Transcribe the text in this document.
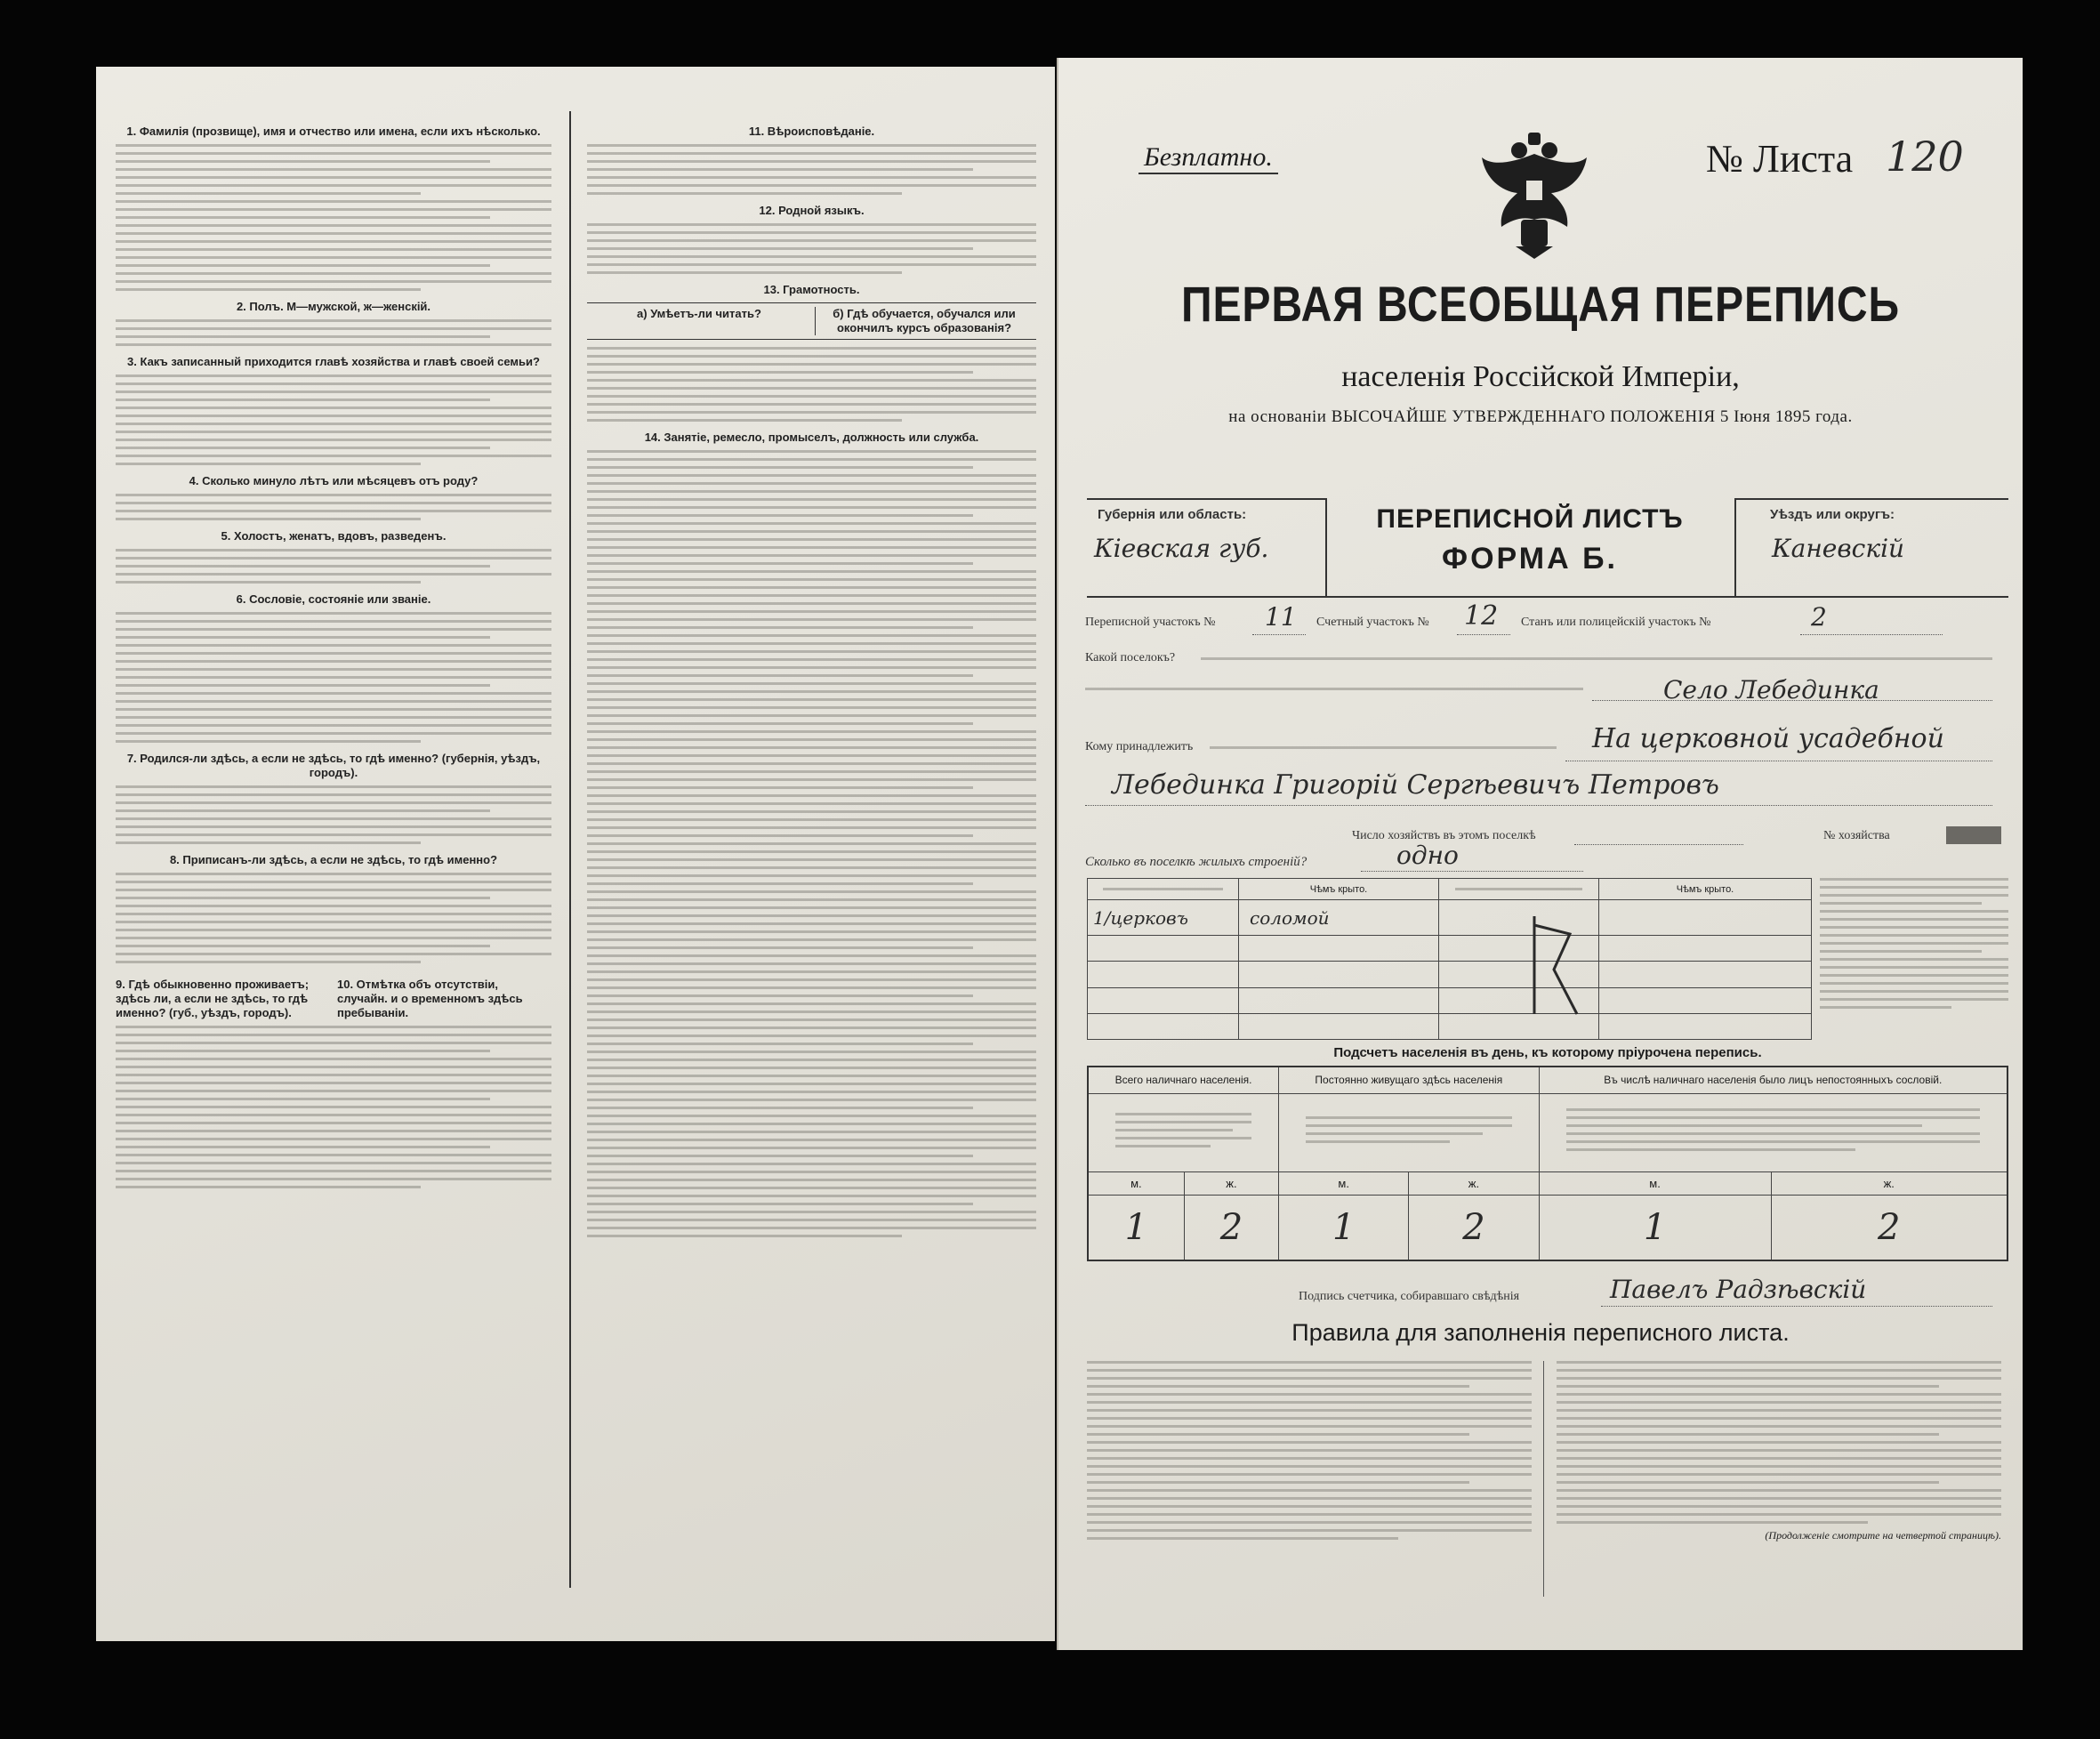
1. Фамилія (прозвище), имя и отчество или имена, если ихъ нѣсколько.
2. Полъ. М—мужской, ж—женскій.
3. Какъ записанный приходится главѣ хозяйства и главѣ своей семьи?
4. Сколько минуло лѣтъ или мѣсяцевъ отъ роду?
5. Холостъ, женатъ, вдовъ, разведенъ.
6. Сословіе, состояніе или званіе.
7. Родился-ли здѣсь, а если не здѣсь, то гдѣ именно? (губернія, уѣздъ, городъ).
8. Приписанъ-ли здѣсь, а если не здѣсь, то гдѣ именно?
9. Гдѣ обыкновенно проживаетъ; здѣсь ли, а если не здѣсь, то гдѣ именно? (губ., уѣздъ, городъ).
10. Отмѣтка объ отсутствіи, случайн. и о временномъ здѣсь пребываніи.
11. Вѣроисповѣданіе.
12. Родной языкъ.
13. Грамотность.
а) Умѣетъ-ли читать?	б) Гдѣ обучается, обучался или окончилъ курсъ образованія?
14. Занятіе, ремесло, промыселъ, должность или служба.
Безплатно.	№ Листа 120
ПЕРВАЯ ВСЕОБЩАЯ ПЕРЕПИСЬ
населенія Россійской Имперіи,
на основаніи ВЫСОЧАЙШЕ УТВЕРЖДЕННАГО ПОЛОЖЕНІЯ 5 Іюня 1895 года.
Губернія или область:
Кіевская губ.
ПЕРЕПИСНОЙ ЛИСТЪ
ФОРМА Б.
Уѣздъ или округъ:
Каневскій
Переписной участокъ № 11 Счетный участокъ № 12 Станъ или полицейскій участокъ №	2
Какой поселокъ?
Село Лебединка
Кому принадлежитъ	На церковной усадебной
Лебединка Григорій Сергѣевичъ Петровъ
Число хозяйствъ въ этомъ поселкѣ	№ хозяйства
Сколько въ поселкѣ жилыхъ строеній?	одно
	Чѣмъ крыто.		Чѣмъ крыто.
1/церковъ	соломой		

Подсчетъ населенія въ день, къ которому пріурочена перепись.
Всего наличнаго населенія.		Постоянно живущаго здѣсь населенія		Въ числѣ наличнаго населенія было лицъ непостоянныхъ сословій.	

м.	ж.	м.	ж.	м.	ж.
1	2	1	2	1	2
Подпись счетчика, собиравшаго свѣдѣнія	Павелъ Радзѣвскій
Правила для заполненія переписного листа.
(Продолженіе смотрите на четвертой страницѣ).
